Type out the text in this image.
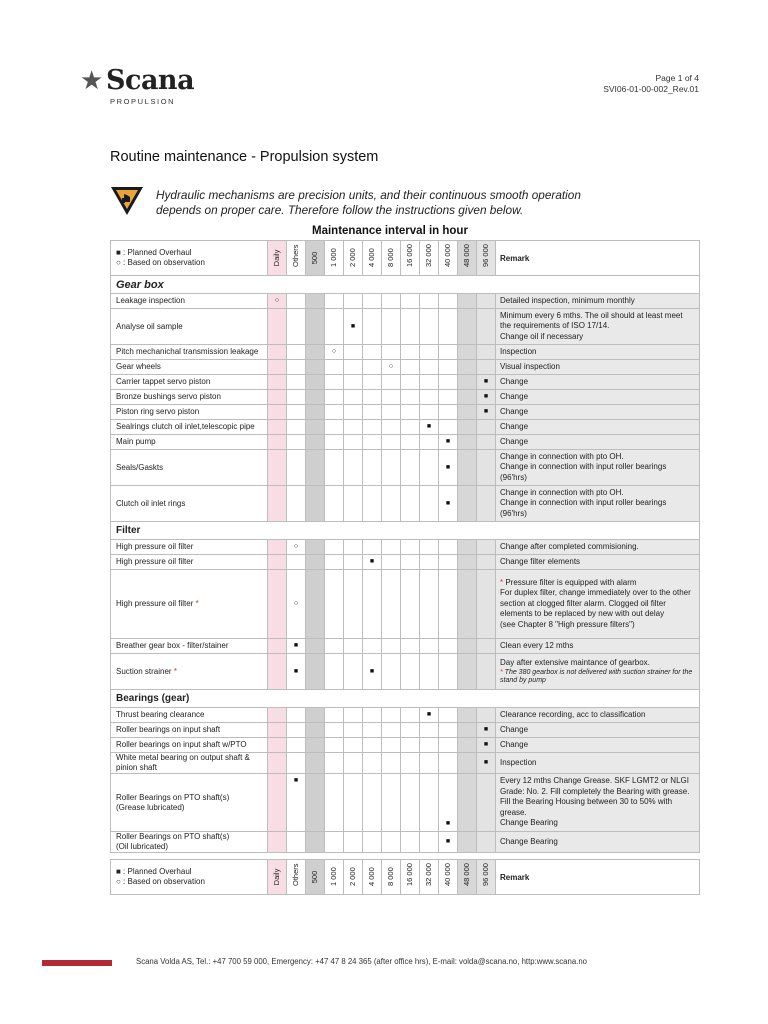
★ Scana
PROPULSION
Page 1 of 4
SVI06-01-00-002_Rev.01
Routine maintenance - Propulsion system
Hydraulic mechanisms are precision units, and their continuous smooth operation depends on proper care. Therefore follow the instructions given below.
Maintenance interval in hour
■ : Planned Overhaul
○ : Based on observation	Daily	Others	500	1 000	2 000	4 000	8 000	16 000	32 000	40 000	48 000	96 000	Remark
Gear box													
Leakage inspection	○												Detailed inspection, minimum monthly
Analyse oil sample					■								Minimum every 6 mths. The oil should at least meet the requirements of ISO 17/14.
Change oil if necessary
Pitch mechanichal transmission leakage				○									Inspection
Gear wheels							○						Visual inspection
Carrier tappet servo piston												■	Change
Bronze bushings servo piston												■	Change
Piston ring servo piston												■	Change
Sealrings clutch oil inlet,telescopic pipe									■				Change
Main pump										■			Change
Seals/Gaskts										■			Change in connection with pto OH.
Change in connection with input roller bearings
(96'hrs)
Clutch oil inlet rings										■			Change in connection with pto OH.
Change in connection with input roller bearings
(96'hrs)
Filter													
High pressure oil filter		○											Change after completed commisioning.
High pressure oil filter						■							Change filter elements
High pressure oil filter *		○											* Pressure filter is equipped with alarm
For duplex filter, change immediately over to the other section at clogged filter alarm. Clogged oil filter elements to be replaced by new with out delay
(see Chapter 8 "High pressure filters")
Breather gear box - filter/stainer		■											Clean every 12 mths
Suction strainer *		■				■							Day after extensive maintance of gearbox.
* The 380 gearbox is not delivered with suction strainer for the stand by pump

Bearings (gear)													
Thrust bearing clearance									■				Clearance recording, acc to classification
Roller bearings on input shaft												■	Change
Roller bearings on input shaft w/PTO												■	Change
White metal bearing on output shaft & pinion shaft												■	Inspection
Roller Bearings on PTO shaft(s)
(Grease lubricated)		■								■			Every 12 mths Change Grease. SKF LGMT2 or NLGI Grade: No. 2. Fill completely the Bearing with grease. Fill the Bearing Housing between 30 to 50% with grease.
Change Bearing
Roller Bearings on PTO shaft(s)
(Oil lubricated)										■			Change Bearing

■ : Planned Overhaul
○ : Based on observation	Daily	Others	500	1 000	2 000	4 000	8 000	16 000	32 000	40 000	48 000	96 000	Remark
Scana Volda AS, Tel.: +47 700 59 000, Emergency: +47 47 8 24 365 (after office hrs), E-mail: volda@scana.no, http:www.scana.no
